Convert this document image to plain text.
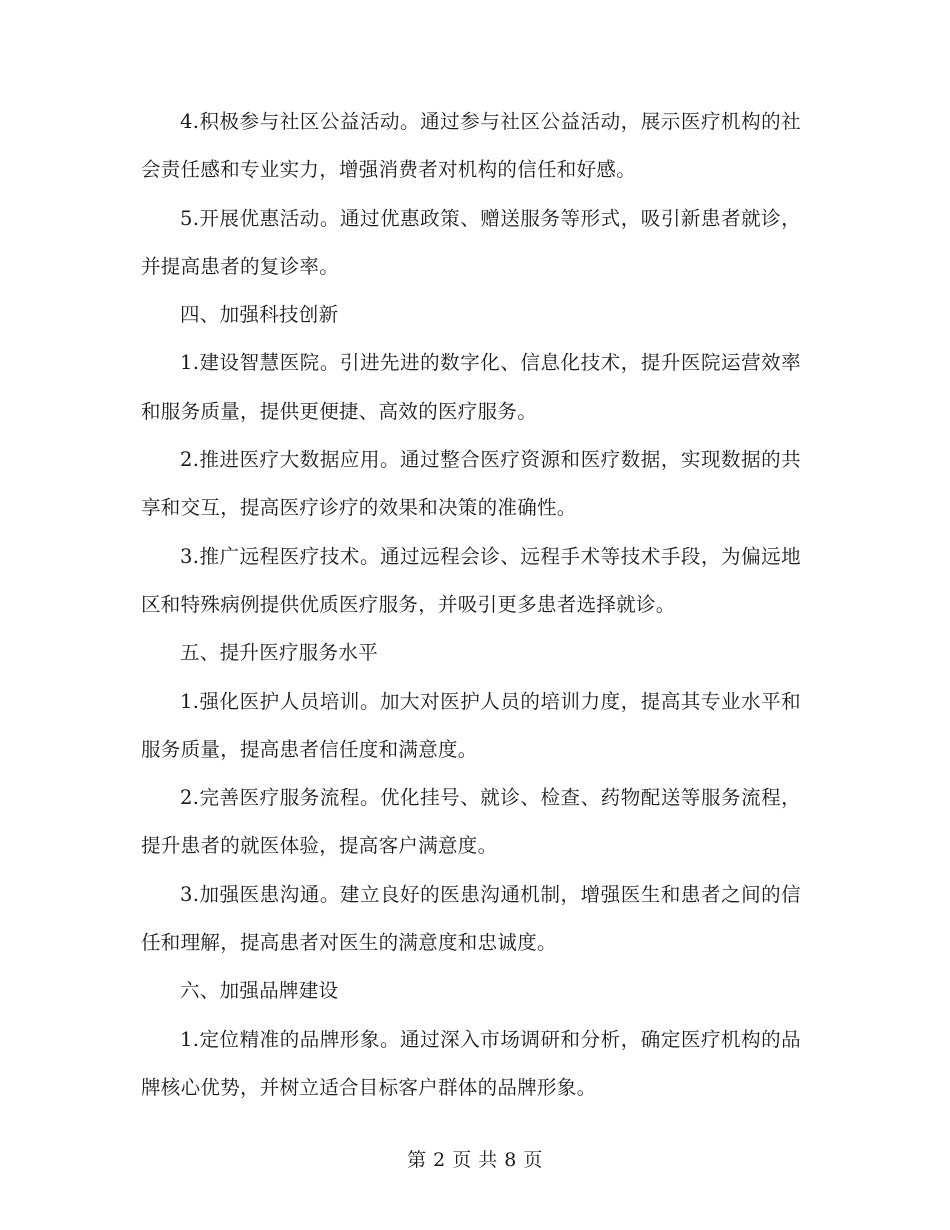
4.积极参与社区公益活动。通过参与社区公益活动，展示医疗机构的社会责任感和专业实力，增强消费者对机构的信任和好感。

5.开展优惠活动。通过优惠政策、赠送服务等形式，吸引新患者就诊，并提高患者的复诊率。

四、加强科技创新

1.建设智慧医院。引进先进的数字化、信息化技术，提升医院运营效率和服务质量，提供更便捷、高效的医疗服务。

2.推进医疗大数据应用。通过整合医疗资源和医疗数据，实现数据的共享和交互，提高医疗诊疗的效果和决策的准确性。

3.推广远程医疗技术。通过远程会诊、远程手术等技术手段，为偏远地区和特殊病例提供优质医疗服务，并吸引更多患者选择就诊。

五、提升医疗服务水平

1.强化医护人员培训。加大对医护人员的培训力度，提高其专业水平和服务质量，提高患者信任度和满意度。

2.完善医疗服务流程。优化挂号、就诊、检查、药物配送等服务流程，提升患者的就医体验，提高客户满意度。

3.加强医患沟通。建立良好的医患沟通机制，增强医生和患者之间的信任和理解，提高患者对医生的满意度和忠诚度。

六、加强品牌建设

1.定位精准的品牌形象。通过深入市场调研和分析，确定医疗机构的品牌核心优势，并树立适合目标客户群体的品牌形象。

第 2 页 共 8 页
